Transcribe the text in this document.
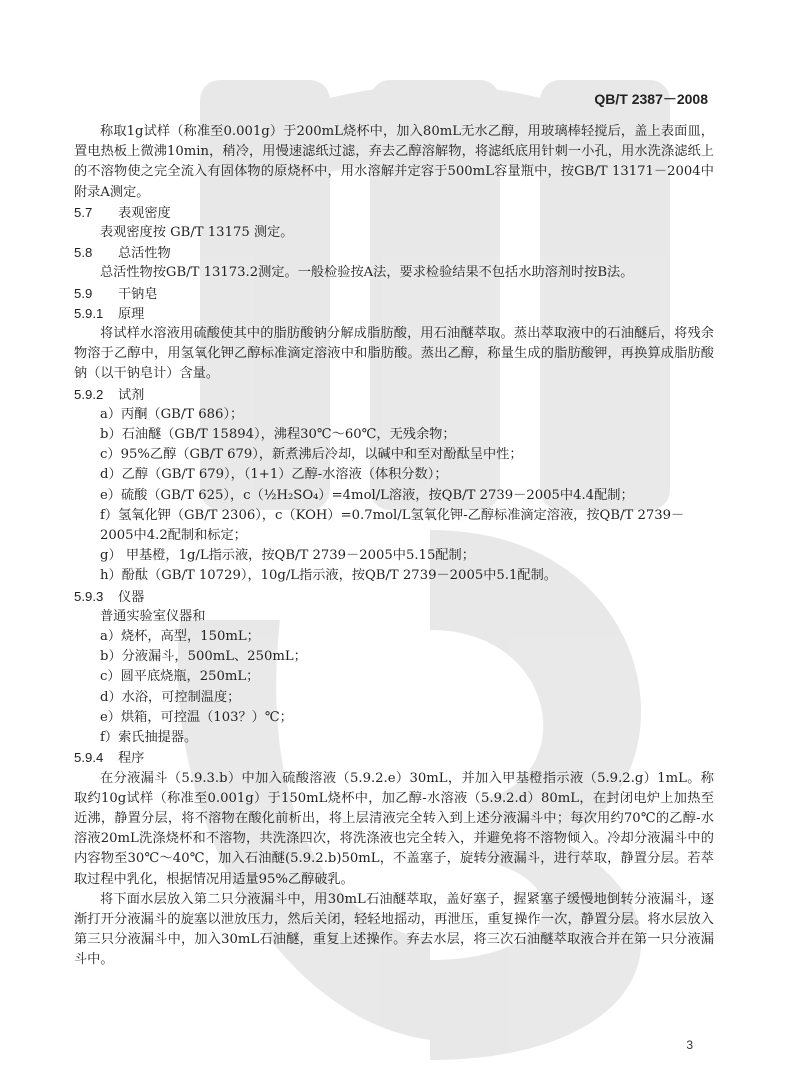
QB/T 2387－2008

称取1g试样（称准至0.001g）于200mL烧杯中，加入80mL无水乙醇，用玻璃棒轻搅后，盖上表面皿，置电热板上微沸10min，稍冷，用慢速滤纸过滤，弃去乙醇溶解物，将滤纸底用针刺一小孔，用水洗涤滤纸上的不溶物使之完全流入有固体物的原烧杯中，用水溶解并定容于500mL容量瓶中，按GB/T 13171－2004中附录A测定。

5.7 表观密度

表观密度按 GB/T 13175 测定。

5.8 总活性物

总活性物按GB/T 13173.2测定。一般检验按A法，要求检验结果不包括水助溶剂时按B法。

5.9 干钠皂

5.9.1 原理

将试样水溶液用硫酸使其中的脂肪酸钠分解成脂肪酸，用石油醚萃取。蒸出萃取液中的石油醚后，将残余物溶于乙醇中，用氢氧化钾乙醇标准滴定溶液中和脂肪酸。蒸出乙醇，称量生成的脂肪酸钾，再换算成脂肪酸钠（以干钠皂计）含量。

5.9.2 试剂

a）丙酮（GB/T 686）；

b）石油醚（GB/T 15894），沸程30℃～60℃，无残余物；

c）95%乙醇（GB/T 679），新煮沸后冷却，以碱中和至对酚酞呈中性；

d）乙醇（GB/T 679），（1+1）乙醇-水溶液（体积分数）；

e）硫酸（GB/T 625），c（½H₂SO₄）=4mol/L溶液，按QB/T 2739－2005中4.4配制；

f）氢氧化钾（GB/T 2306），c（KOH）=0.7mol/L氢氧化钾-乙醇标准滴定溶液，按QB/T 2739－2005中4.2配制和标定；

g） 甲基橙，1g/L指示液，按QB/T 2739－2005中5.15配制；

h）酚酞（GB/T 10729），10g/L指示液，按QB/T 2739－2005中5.1配制。

5.9.3 仪器

普通实验室仪器和

a）烧杯，高型，150mL；

b）分液漏斗，500mL、250mL；

c）圆平底烧瓶，250mL；

d）水浴，可控制温度；

e）烘箱，可控温（103？）℃；

f）索氏抽提器。

5.9.4 程序

在分液漏斗（5.9.3.b）中加入硫酸溶液（5.9.2.e）30mL，并加入甲基橙指示液（5.9.2.g）1mL。称取约10g试样（称准至0.001g）于150mL烧杯中，加乙醇-水溶液（5.9.2.d）80mL，在封闭电炉上加热至近沸，静置分层，将不溶物在酸化前析出，将上层清液完全转入到上述分液漏斗中；每次用约70℃的乙醇-水溶液20mL洗涤烧杯和不溶物，共洗涤四次，将洗涤液也完全转入，并避免将不溶物倾入。冷却分液漏斗中的内容物至30℃～40℃，加入石油醚(5.9.2.b)50mL，不盖塞子，旋转分液漏斗，进行萃取，静置分层。若萃取过程中乳化，根据情况用适量95%乙醇破乳。

将下面水层放入第二只分液漏斗中，用30mL石油醚萃取，盖好塞子，握紧塞子缓慢地倒转分液漏斗，逐渐打开分液漏斗的旋塞以泄放压力，然后关闭，轻轻地摇动，再泄压，重复操作一次，静置分层。将水层放入第三只分液漏斗中，加入30mL石油醚，重复上述操作。弃去水层，将三次石油醚萃取液合并在第一只分液漏斗中。

3
